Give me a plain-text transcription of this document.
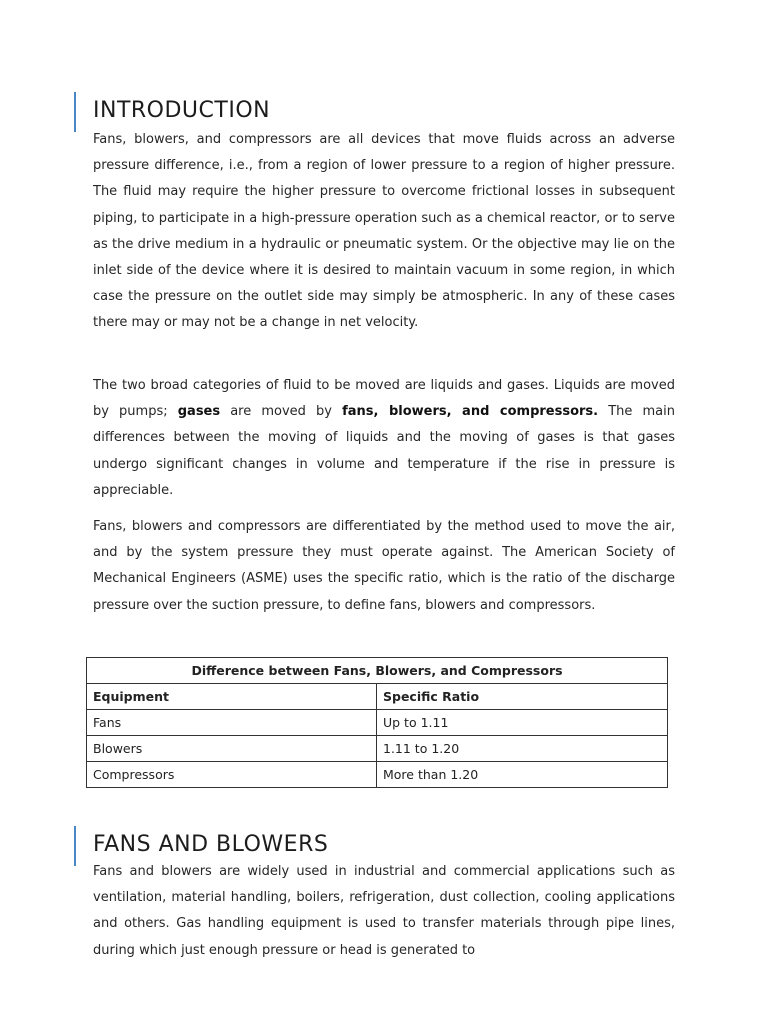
INTRODUCTION

Fans, blowers, and compressors are all devices that move fluids across an adverse pressure difference, i.e., from a region of lower pressure to a region of higher pressure. The fluid may require the higher pressure to overcome frictional losses in subsequent piping, to participate in a high-pressure operation such as a chemical reactor, or to serve as the drive medium in a hydraulic or pneumatic system. Or the objective may lie on the inlet side of the device where it is desired to maintain vacuum in some region, in which case the pressure on the outlet side may simply be atmospheric. In any of these cases there may or may not be a change in net velocity.

The two broad categories of fluid to be moved are liquids and gases. Liquids are moved by pumps; gases are moved by fans, blowers, and compressors. The main differences between the moving of liquids and the moving of gases is that gases undergo significant changes in volume and temperature if the rise in pressure is appreciable.

Fans, blowers and compressors are differentiated by the method used to move the air, and by the system pressure they must operate against. The American Society of Mechanical Engineers (ASME) uses the specific ratio, which is the ratio of the discharge pressure over the suction pressure, to define fans, blowers and compressors.

Difference between Fans, Blowers, and Compressors	
Equipment	Specific Ratio
Fans	Up to 1.11
Blowers	1.11 to 1.20
Compressors	More than 1.20
FANS AND BLOWERS

Fans and blowers are widely used in industrial and commercial applications such as ventilation, material handling, boilers, refrigeration, dust collection, cooling applications and others. Gas handling equipment is used to transfer materials through pipe lines, during which just enough pressure or head is generated to
